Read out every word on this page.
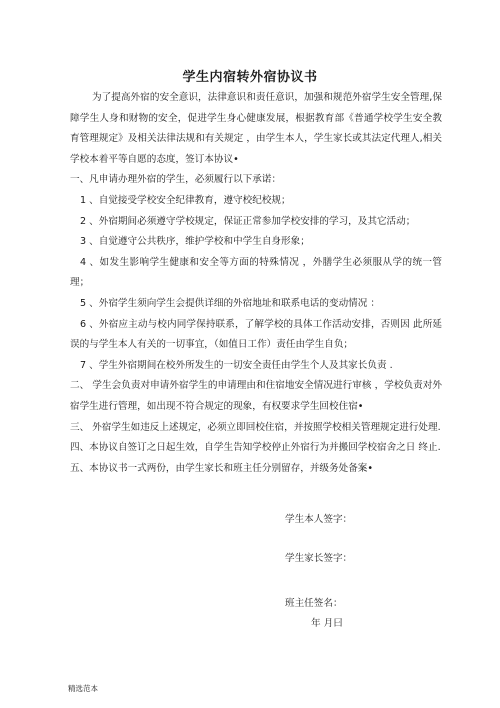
学生内宿转外宿协议书

为了提高外宿的安全意识，法律意识和责任意识，加强和规范外宿学生安全管理,保障学生人身和财物的安全，促进学生身心健康发展，根据教育部《普通学校学生安全教育管理规定》及相关法律法规和有关规定 ，由学生本人，学生家长或其法定代理人,相关学校本着平等自愿的态度，签订本协议•

一、凡申请办理外宿的学生，必须履行以下承诺：

1 、自觉接受学校安全纪律教育，遵守校纪校规；

2 、外宿期间必须遵守学校规定，保证正常参加学校安排的学习，及其它活动；

3 、自觉遵守公共秩序，维护学校和中学生自身形象；

4 、如发生影响学生健康和安全等方面的特殊情况 ，外膳学生必须服从学的统一管理；

5 、外宿学生须向学生会提供详细的外宿地址和联系电话的变动情况 ：

6 、外宿应主动与校内同学保持联系，了解学校的具体工作活动安排，否则因 此所延误的与学生本人有关的一切事宜，（如值日工作）责任由学生自负；

7 、学生外宿期间在校外所发生的一切安全责任由学生个人及其家长负责 .

二、 学生会负责对申请外宿学生的申请理由和住宿地安全情况进行审核 ，学校负责对外宿学生进行管理，如出现不符合规定的现象，有权要求学生回校住宿•

三、 外宿学生如违反上述规定，必须立即回校住宿，并按照学校相关管理规定进行处理.

四、本协议自签订之日起生效，自学生告知学校停止外宿行为并搬回学校宿舍之日 终止.

五、本协议书一式两份，由学生家长和班主任分别留存，并级务处备案•

学生本人签字：
学生家长签字：
班主任签名：
年 月曰
精选范本
